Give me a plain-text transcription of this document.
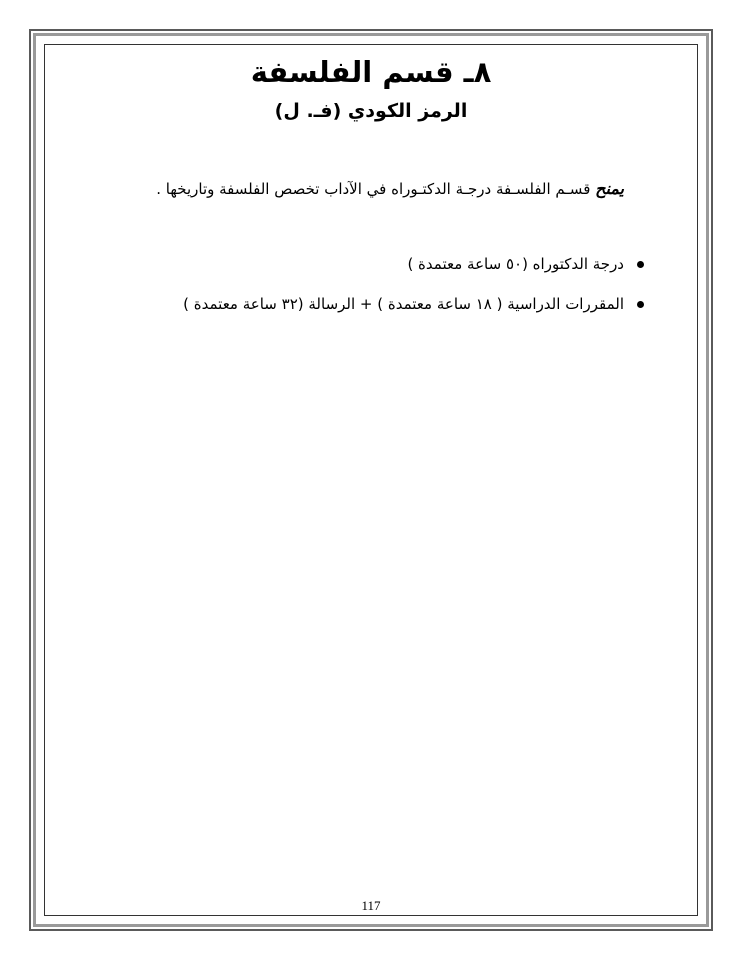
٨ـ قسم الفلسفة
الرمز الكودي (فـ. ل)
يمنح قسـم الفلسـفة درجـة الدكتـوراه في الآداب تخصص الفلسفة وتاريخها .
درجة الدكتوراه (٥٠ ساعة معتمدة )
المقررات الدراسية ( ١٨ ساعة معتمدة ) + الرسالة (٣٢ ساعة معتمدة )
117
